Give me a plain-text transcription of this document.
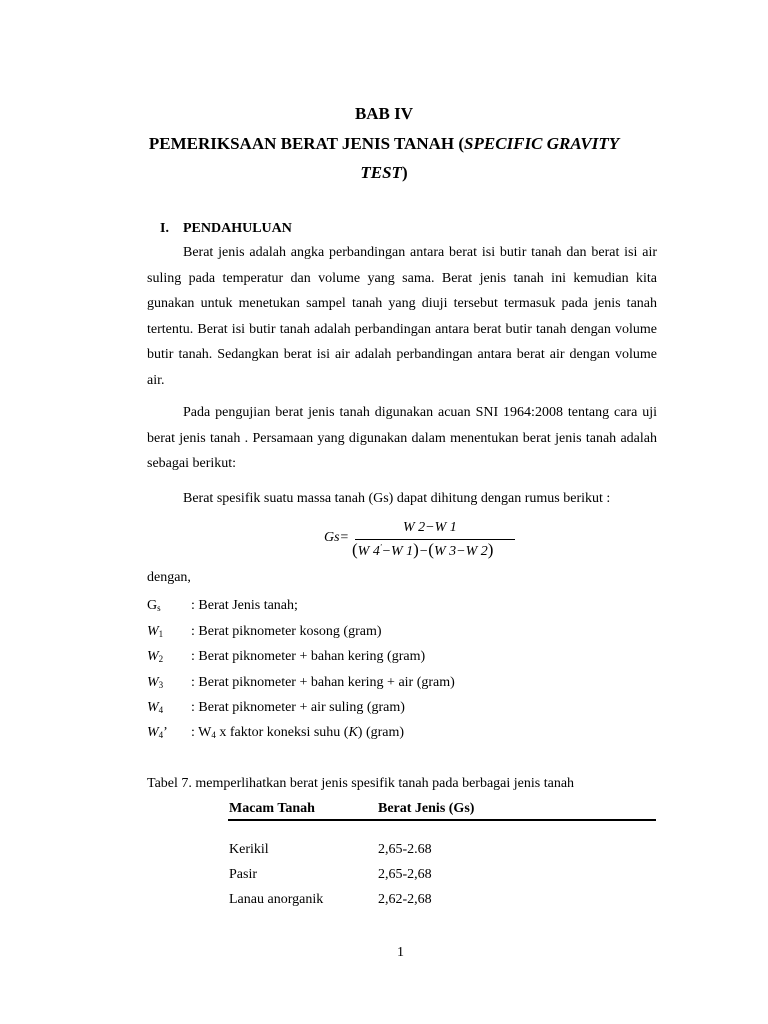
BAB IV
PEMERIKSAAN BERAT JENIS TANAH (SPECIFIC GRAVITY
TEST)
I. PENDAHULUAN
Berat jenis adalah angka perbandingan antara berat isi butir tanah dan berat isi air suling pada temperatur dan volume yang sama. Berat jenis tanah ini kemudian kita gunakan untuk menetukan sampel tanah yang diuji tersebut termasuk pada jenis tanah tertentu. Berat isi butir tanah adalah perbandingan antara berat butir tanah dengan volume butir tanah. Sedangkan berat isi air adalah perbandingan antara berat air dengan volume air.
Pada pengujian berat jenis tanah digunakan acuan SNI 1964:2008 tentang cara uji berat jenis tanah . Persamaan yang digunakan dalam menentukan berat jenis tanah adalah sebagai berikut:
Berat spesifik suatu massa tanah (Gs) dapat dihitung dengan rumus berikut :
Gs=
W 2−W 1
(W 4'−W 1)−(W 3−W 2)
dengan,
$G_s$ : Berat Jenis tanah;
$W_1$ : Berat piknometer kosong (gram)
$W_2$ : Berat piknometer + bahan kering (gram)
$W_3$ : Berat piknometer + bahan kering + air (gram)
$W_4$ : Berat piknometer + air suling (gram)
$W_4$’ : $W_4$ x faktor koneksi suhu (K) (gram)
Tabel 7. memperlihatkan berat jenis spesifik tanah pada berbagai jenis tanah
Macam Tanah	Berat Jenis (Gs)
Kerikil	2,65-2.68
Pasir	2,65-2,68
Lanau anorganik	2,62-2,68
1
